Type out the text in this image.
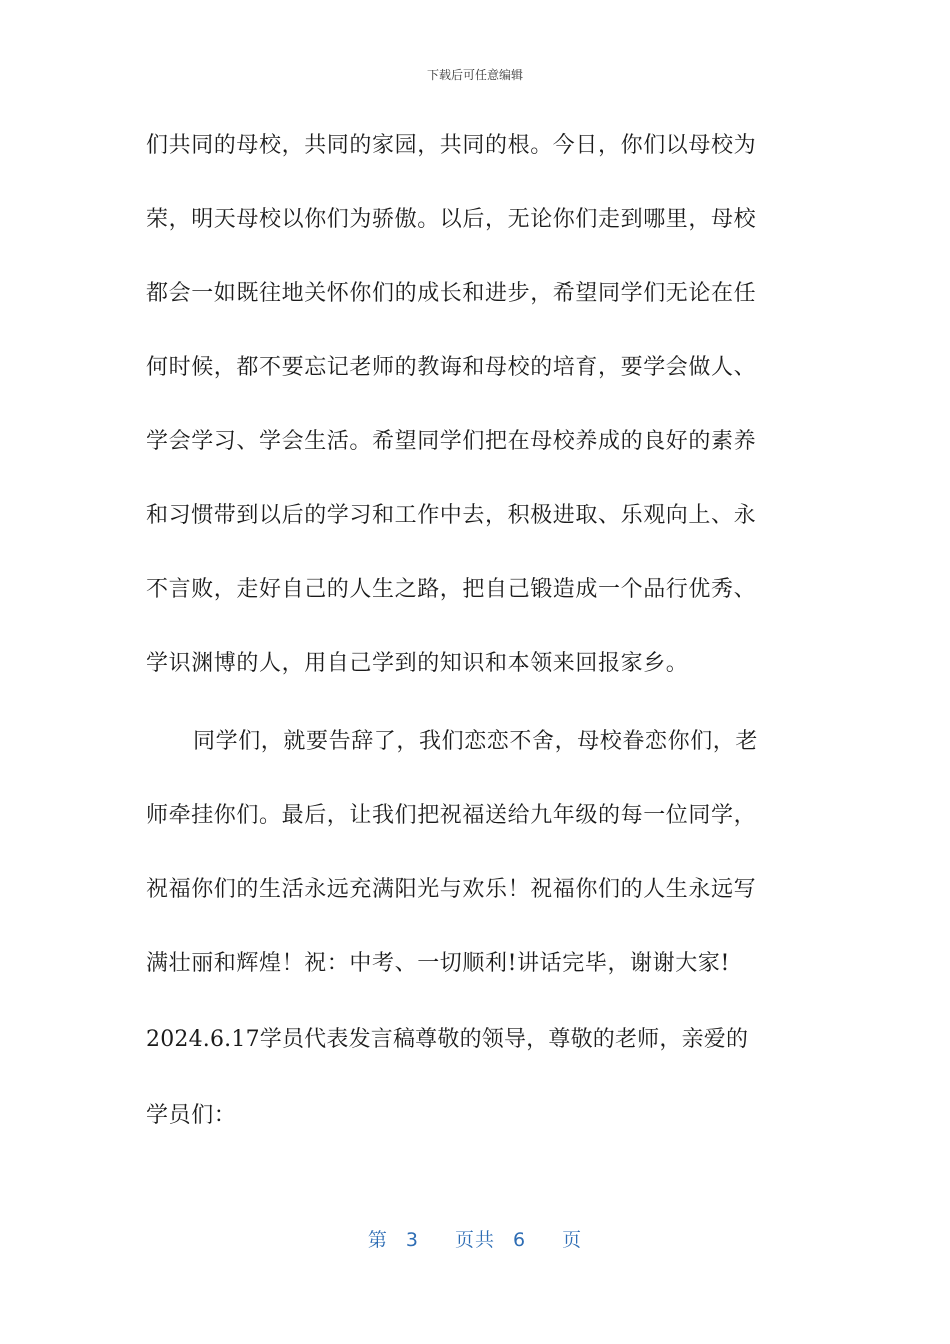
下载后可任意编辑
们共同的母校，共同的家园，共同的根。今日，你们以母校为
荣，明天母校以你们为骄傲。以后，无论你们走到哪里，母校
都会一如既往地关怀你们的成长和进步，希望同学们无论在任
何时候，都不要忘记老师的教诲和母校的培育，要学会做人、
学会学习、学会生活。希望同学们把在母校养成的良好的素养
和习惯带到以后的学习和工作中去，积极进取、乐观向上、永
不言败，走好自己的人生之路，把自己锻造成一个品行优秀、
学识渊博的人，用自己学到的知识和本领来回报家乡。
同学们，就要告辞了，我们恋恋不舍，母校眷恋你们，老
师牵挂你们。最后，让我们把祝福送给九年级的每一位同学，
祝福你们的生活永远充满阳光与欢乐！祝福你们的人生永远写
满壮丽和辉煌！祝：中考、一切顺利!讲话完毕，谢谢大家!
2024.6.17学员代表发言稿尊敬的领导，尊敬的老师，亲爱的
学员们：
第 3 页共 6 页
